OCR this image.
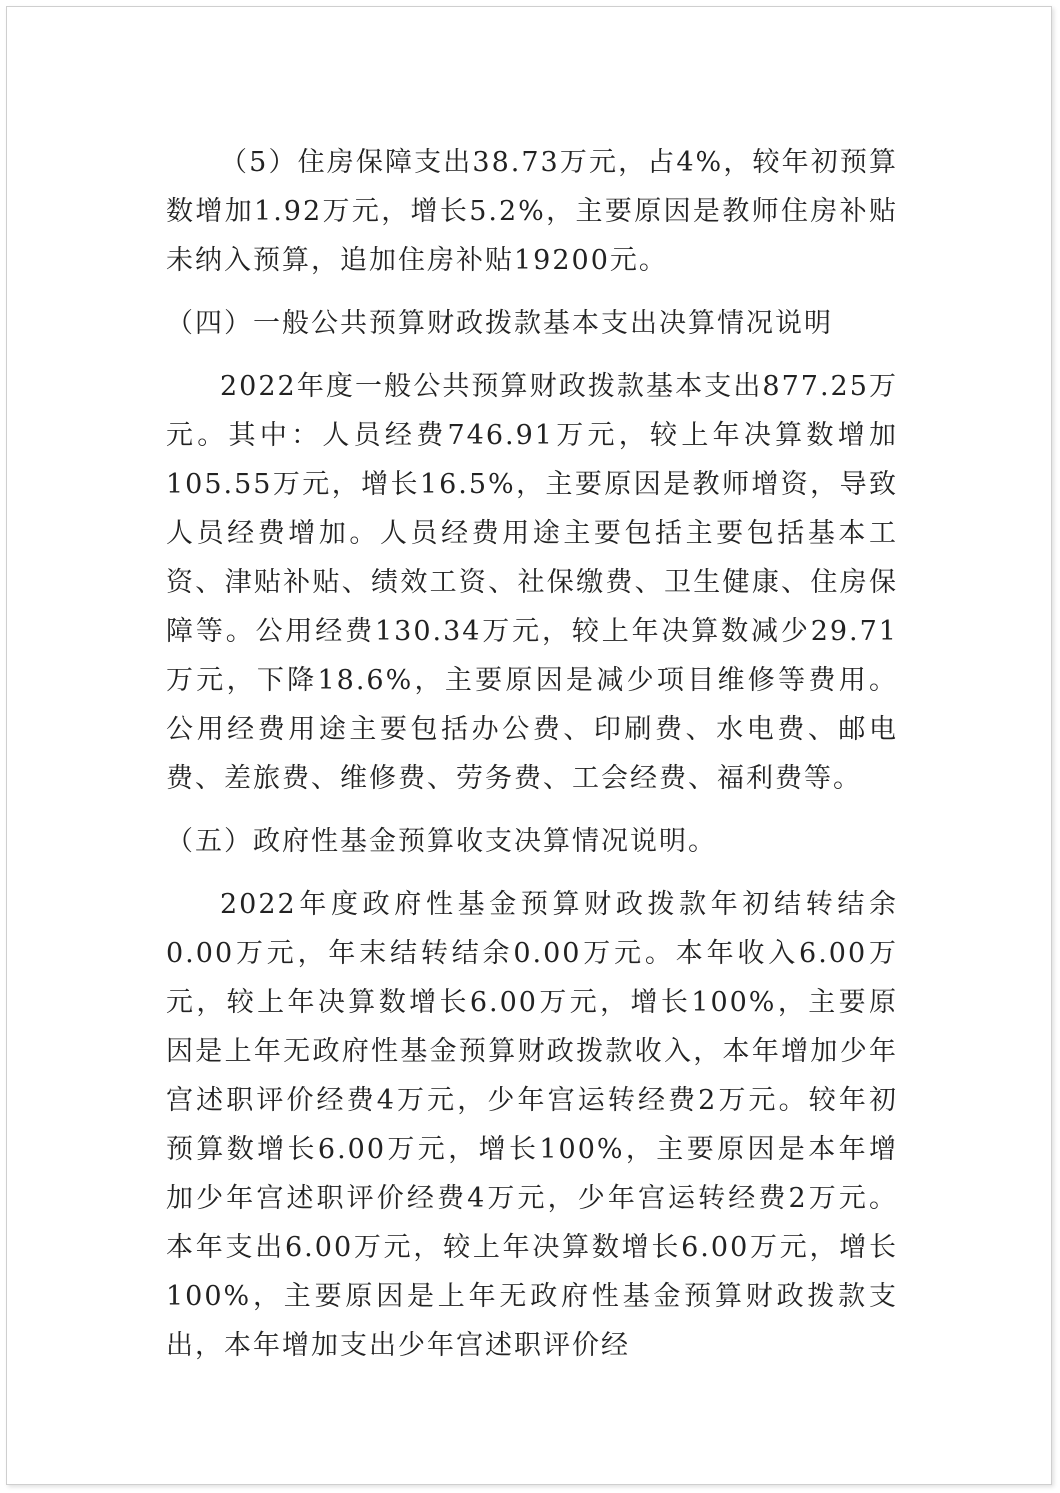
（5）住房保障支出38.73万元，占4%，较年初预算数增加1.92万元，增长5.2%，主要原因是教师住房补贴未纳入预算，追加住房补贴19200元。

（四）一般公共预算财政拨款基本支出决算情况说明

2022年度一般公共预算财政拨款基本支出877.25万元。其中：人员经费746.91万元，较上年决算数增加105.55万元，增长16.5%，主要原因是教师增资，导致人员经费增加。人员经费用途主要包括主要包括基本工资、津贴补贴、绩效工资、社保缴费、卫生健康、住房保障等。公用经费130.34万元，较上年决算数减少29.71万元，下降18.6%，主要原因是减少项目维修等费用。公用经费用途主要包括办公费、印刷费、水电费、邮电费、差旅费、维修费、劳务费、工会经费、福利费等。

（五）政府性基金预算收支决算情况说明。

2022年度政府性基金预算财政拨款年初结转结余0.00万元，年末结转结余0.00万元。本年收入6.00万元，较上年决算数增长6.00万元，增长100%，主要原因是上年无政府性基金预算财政拨款收入，本年增加少年宫述职评价经费4万元，少年宫运转经费2万元。较年初预算数增长6.00万元，增长100%，主要原因是本年增加少年宫述职评价经费4万元，少年宫运转经费2万元。本年支出6.00万元，较上年决算数增长6.00万元，增长100%，主要原因是上年无政府性基金预算财政拨款支出，本年增加支出少年宫述职评价经
